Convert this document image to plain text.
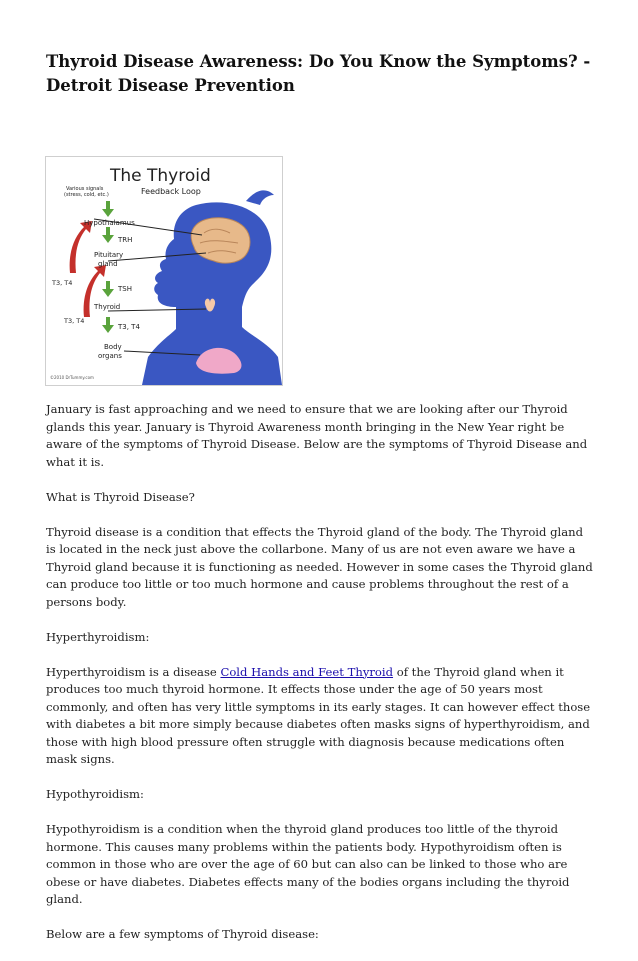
Thyroid Disease Awareness: Do You Know the Symptoms? - Detroit Disease Prevention
The Thyroid
Feedback Loop
Various signals (stress, cold, etc.)
Hypothalamus
TRH
Pituitary gland
TSH
Thyroid
T3, T4
Body organs
T3, T4
T3, T4
©2010 DrTummy.com

January is fast approaching and we need to ensure that we are looking after our Thyroid glands this year. January is Thyroid Awareness month bringing in the New Year right be aware of the symptoms of Thyroid Disease. Below are the symptoms of Thyroid Disease and what it is.

What is Thyroid Disease?

Thyroid disease is a condition that effects the Thyroid gland of the body. The Thyroid gland is located in the neck just above the collarbone. Many of us are not even aware we have a Thyroid gland because it is functioning as needed. However in some cases the Thyroid gland can produce too little or too much hormone and cause problems throughout the rest of a persons body.

Hyperthyroidism:

Hyperthyroidism is a disease Cold Hands and Feet Thyroid of the Thyroid gland when it produces too much thyroid hormone. It effects those under the age of 50 years most commonly, and often has very little symptoms in its early stages. It can however effect those with diabetes a bit more simply because diabetes often masks signs of hyperthyroidism, and those with high blood pressure often struggle with diagnosis because medications often mask signs.

Hypothyroidism:

Hypothyroidism is a condition when the thyroid gland produces too little of the thyroid hormone. This causes many problems within the patients body. Hypothyroidism often is common in those who are over the age of 60 but can also can be linked to those who are obese or have diabetes. Diabetes effects many of the bodies organs including the thyroid gland.

Below are a few symptoms of Thyroid disease:
